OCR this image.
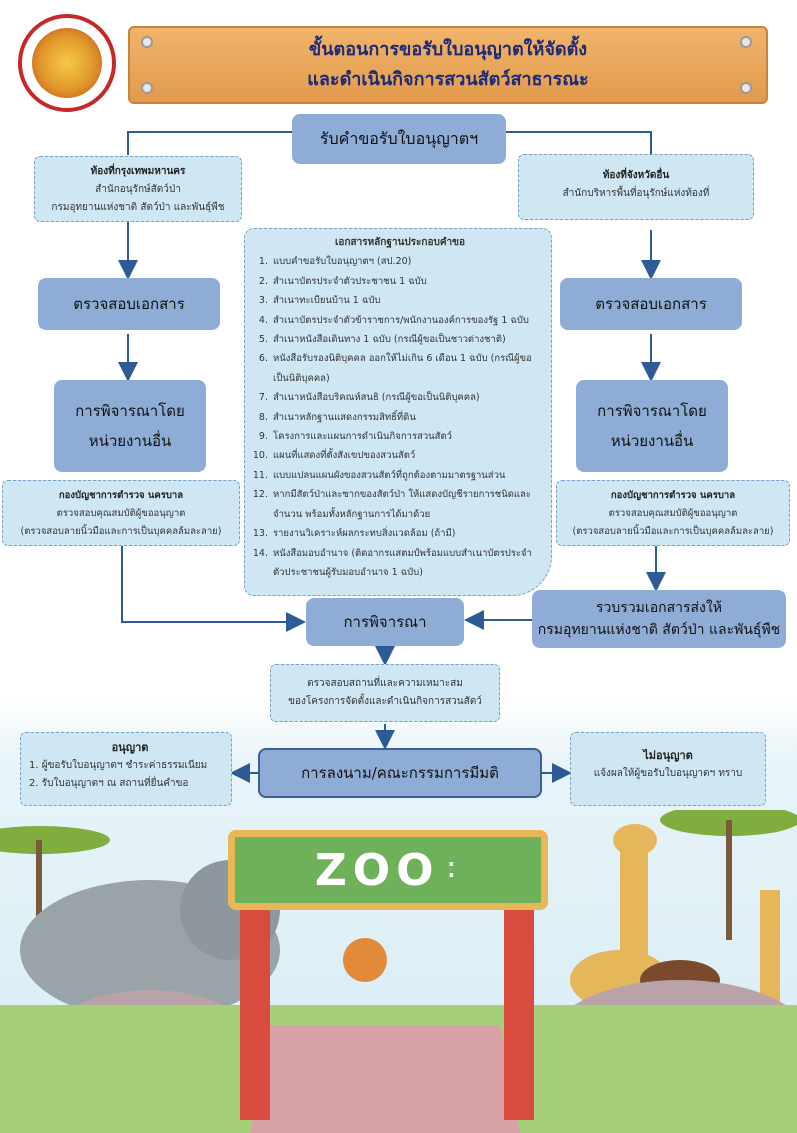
ขั้นตอนการขอรับใบอนุญาตให้จัดตั้ง
และดำเนินกิจการสวนสัตว์สาธารณะ
รับคำขอรับใบอนุญาตฯ
ท้องที่กรุงเทพมหานคร
สำนักอนุรักษ์สัตว์ป่า
กรมอุทยานแห่งชาติ สัตว์ป่า และพันธุ์พืช
ท้องที่จังหวัดอื่น
สำนักบริหารพื้นที่อนุรักษ์แห่งท้องที่
ตรวจสอบเอกสาร	ตรวจสอบเอกสาร
การพิจารณาโดย
หน่วยงานอื่น
การพิจารณาโดย
หน่วยงานอื่น
กองบัญชาการตำรวจ นครบาล
ตรวจสอบคุณสมบัติผู้ขออนุญาต
(ตรวจสอบลายนิ้วมือและการเป็นบุคคลล้มละลาย)
กองบัญชาการตำรวจ นครบาล
ตรวจสอบคุณสมบัติผู้ขออนุญาต
(ตรวจสอบลายนิ้วมือและการเป็นบุคคลล้มละลาย)
เอกสารหลักฐานประกอบคำขอ
1. แบบคำขอรับใบอนุญาตฯ (สป.20)
2. สำเนาบัตรประจำตัวประชาชน 1 ฉบับ
3. สำเนาทะเบียนบ้าน 1 ฉบับ
4. สำเนาบัตรประจำตัวข้าราชการ/พนักงานองค์การของรัฐ 1 ฉบับ
5. สำเนาหนังสือเดินทาง 1 ฉบับ (กรณีผู้ขอเป็นชาวต่างชาติ)
6. หนังสือรับรองนิติบุคคล ออกให้ไม่เกิน 6 เดือน 1 ฉบับ (กรณีผู้ขอเป็นนิติบุคคล)
7. สำเนาหนังสือบริคณห์สนธิ (กรณีผู้ขอเป็นนิติบุคคล)
8. สำเนาหลักฐานแสดงกรรมสิทธิ์ที่ดิน
9. โครงการและแผนการดำเนินกิจการสวนสัตว์
10. แผนที่แสดงที่ตั้งสังเขปของสวนสัตว์
11. แบบแปลนแผนผังของสวนสัตว์ที่ถูกต้องตามมาตรฐานส่วน
12. หากมีสัตว์ป่าและซากของสัตว์ป่า ให้แสดงบัญชีรายการชนิดและจำนวน พร้อมทั้งหลักฐานการได้มาด้วย
13. รายงานวิเคราะห์ผลกระทบสิ่งแวดล้อม (ถ้ามี)
14. หนังสือมอบอำนาจ (ติดอากรแสตมป์พร้อมแบบสำเนาบัตรประจำตัวประชาชนผู้รับมอบอำนาจ 1 ฉบับ)
รวบรวมเอกสารส่งให้
กรมอุทยานแห่งชาติ สัตว์ป่า และพันธุ์พืช
การพิจารณา
ตรวจสอบสถานที่และความเหมาะสม
ของโครงการจัดตั้งและดำเนินกิจการสวนสัตว์
การลงนาม/คณะกรรมการมีมติ
อนุญาต
1. ผู้ขอรับใบอนุญาตฯ ชำระค่าธรรมเนียม
2. รับใบอนุญาตฯ ณ สถานที่ยื่นคำขอ
ไม่อนุญาต
แจ้งผลให้ผู้ขอรับใบอนุญาตฯ ทราบ
ZOO ⁚
